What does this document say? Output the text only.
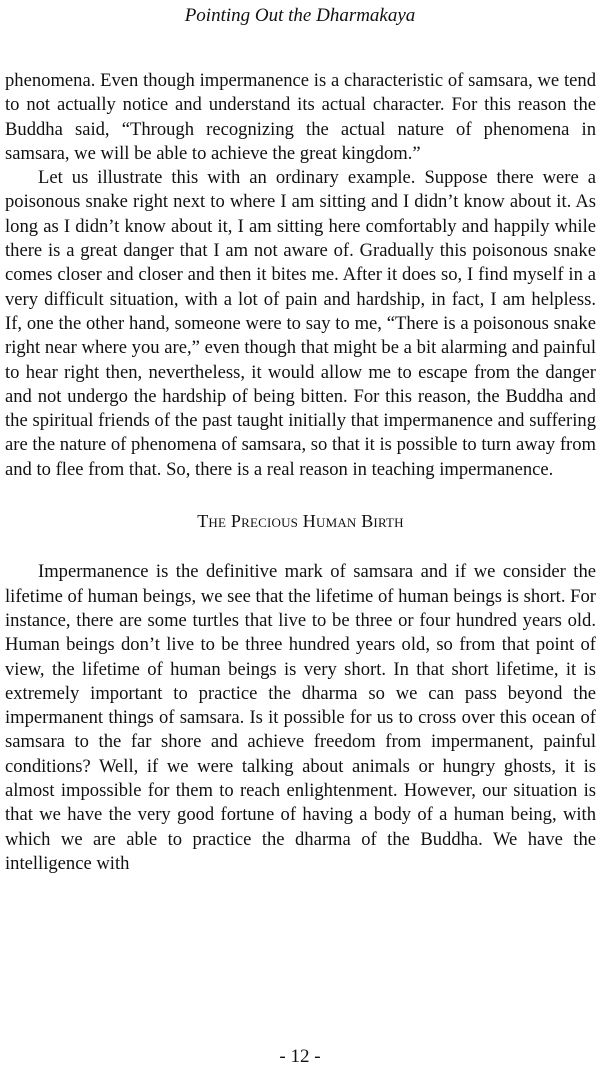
Pointing Out the Dharmakaya

phenomena. Even though impermanence is a characteristic of samsara, we tend to not actually notice and understand its actual character. For this reason the Buddha said, “Through recognizing the actual nature of phenomena in samsara, we will be able to achieve the great kingdom.”

Let us illustrate this with an ordinary example. Suppose there were a poisonous snake right next to where I am sitting and I didn’t know about it. As long as I didn’t know about it, I am sitting here comfortably and happily while there is a great danger that I am not aware of. Gradually this poisonous snake comes closer and closer and then it bites me. After it does so, I find myself in a very difficult situation, with a lot of pain and hardship, in fact, I am helpless. If, one the other hand, someone were to say to me, “There is a poisonous snake right near where you are,” even though that might be a bit alarming and painful to hear right then, nevertheless, it would allow me to escape from the danger and not undergo the hardship of being bitten. For this reason, the Buddha and the spiritual friends of the past taught initially that impermanence and suffering are the nature of phenomena of samsara, so that it is possible to turn away from and to flee from that. So, there is a real reason in teaching impermanence.

The Precious Human Birth

Impermanence is the definitive mark of samsara and if we consider the lifetime of human beings, we see that the lifetime of human beings is short. For instance, there are some turtles that live to be three or four hundred years old. Human beings don’t live to be three hundred years old, so from that point of view, the lifetime of human beings is very short. In that short lifetime, it is extremely important to practice the dharma so we can pass beyond the impermanent things of samsara. Is it possible for us to cross over this ocean of samsara to the far shore and achieve freedom from impermanent, painful conditions? Well, if we were talking about animals or hungry ghosts, it is almost impossible for them to reach enlightenment. However, our situation is that we have the very good fortune of having a body of a human being, with which we are able to practice the dharma of the Buddha. We have the intelligence with

- 12 -
